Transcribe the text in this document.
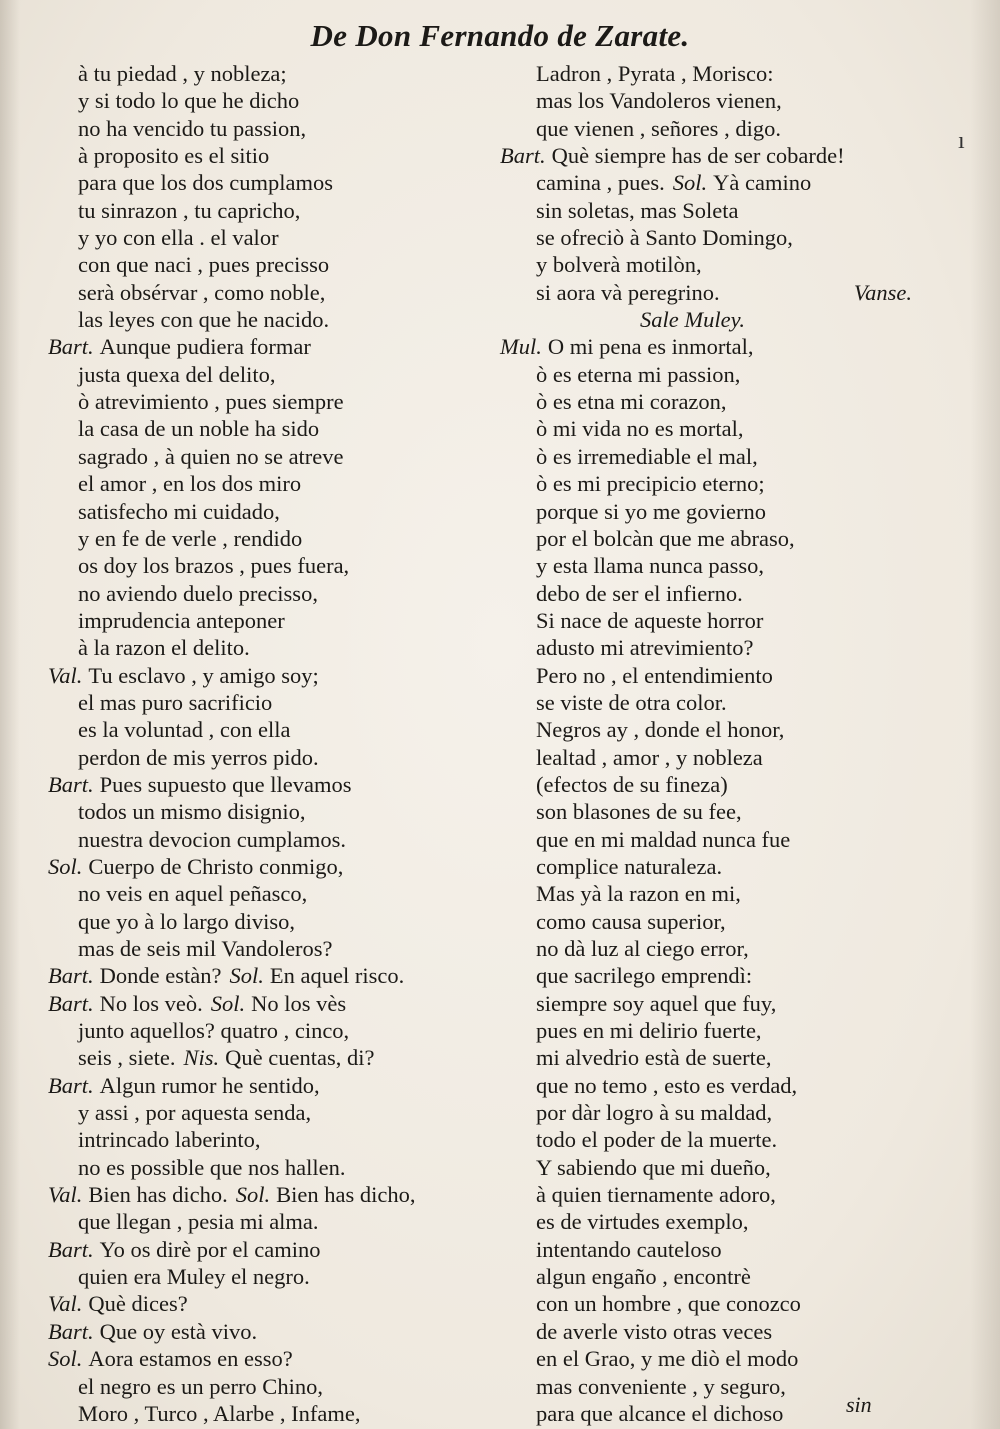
De Don Fernando de Zarate.
à tu piedad , y nobleza;
y si todo lo que he dicho
no ha vencido tu passion,
à proposito es el sitio
para que los dos cumplamos
tu sinrazon , tu capricho,
y yo con ella . el valor
con que naci , pues precisso
serà obsérvar , como noble,
las leyes con que he nacido.
Bart. Aunque pudiera formar
justa quexa del delito,
ò atrevimiento , pues siempre
la casa de un noble ha sido
sagrado , à quien no se atreve
el amor , en los dos miro
satisfecho mi cuidado,
y en fe de verle , rendido
os doy los brazos , pues fuera,
no aviendo duelo precisso,
imprudencia anteponer
à la razon el delito.
Val. Tu esclavo , y amigo soy;
el mas puro sacrificio
es la voluntad , con ella
perdon de mis yerros pido.
Bart. Pues supuesto que llevamos
todos un mismo disignio,
nuestra devocion cumplamos.
Sol. Cuerpo de Christo conmigo,
no veis en aquel peñasco,
que yo à lo largo diviso,
mas de seis mil Vandoleros?
Bart. Donde estàn? Sol. En aquel risco.
Bart. No los veò. Sol. No los vès
junto aquellos? quatro , cinco,
seis , siete. Nis. Què cuentas, di?
Bart. Algun rumor he sentido,
y assi , por aquesta senda,
intrincado laberinto,
no es possible que nos hallen.
Val. Bien has dicho. Sol. Bien has dicho,
que llegan , pesia mi alma.
Bart. Yo os dirè por el camino
quien era Muley el negro.
Val. Què dices?
Bart. Que oy està vivo.
Sol. Aora estamos en esso?
el negro es un perro Chino,
Moro , Turco , Alarbe , Infame,
Ladron , Pyrata , Morisco:
mas los Vandoleros vienen,
que vienen , señores , digo.
Bart. Què siempre has de ser cobarde!
camina , pues. Sol. Yà camino
sin soletas, mas Soleta
se ofreciò à Santo Domingo,
y bolverà motilòn,
si aora và peregrino.	Vanse.
Sale Muley.
Mul. O mi pena es inmortal,
ò es eterna mi passion,
ò es etna mi corazon,
ò mi vida no es mortal,
ò es irremediable el mal,
ò es mi precipicio eterno;
porque si yo me govierno
por el bolcàn que me abraso,
y esta llama nunca passo,
debo de ser el infierno.
Si nace de aqueste horror
adusto mi atrevimiento?
Pero no , el entendimiento
se viste de otra color.
Negros ay , donde el honor,
lealtad , amor , y nobleza
(efectos de su fineza)
son blasones de su fee,
que en mi maldad nunca fue
complice naturaleza.
Mas yà la razon en mi,
como causa superior,
no dà luz al ciego error,
que sacrilego emprendì:
siempre soy aquel que fuy,
pues en mi delirio fuerte,
mi alvedrio està de suerte,
que no temo , esto es verdad,
por dàr logro à su maldad,
todo el poder de la muerte.
Y sabiendo que mi dueño,
à quien tiernamente adoro,
es de virtudes exemplo,
intentando cauteloso
algun engaño , encontrè
con un hombre , que conozco
de averle visto otras veces
en el Grao, y me diò el modo
mas conveniente , y seguro,
para que alcance el dichoso	sin
ı
